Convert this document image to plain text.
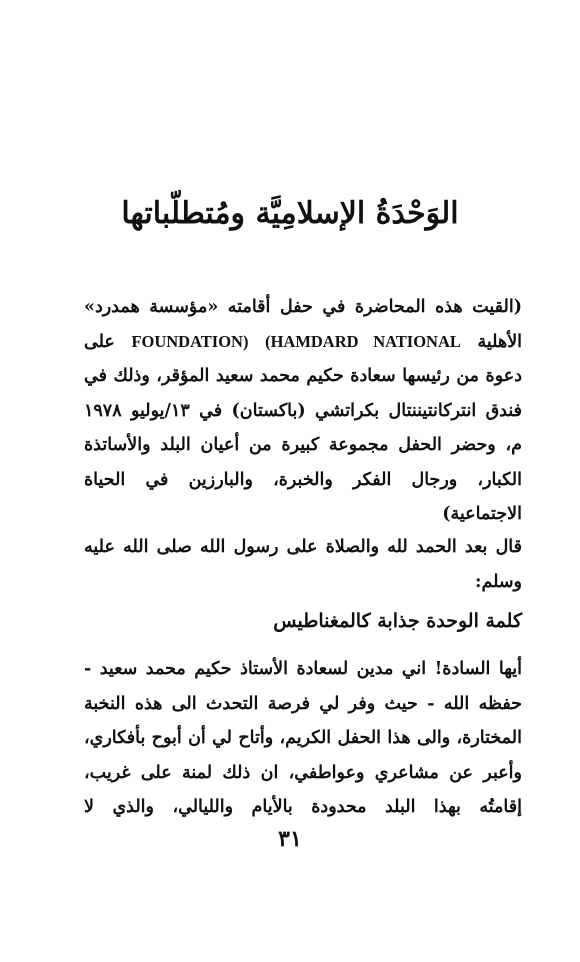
الوَحْدَةُ الإسلامِيَّة ومُتطلّباتها
(القيت هذه المحاضرة في حفل أقامته «مؤسسة همدرد» الأهلية (HAMDARD NATIONAL FOUNDATION) على دعوة من رئيسها سعادة حكيم محمد سعيد المؤقر، وذلك في فندق انتركانتيننتال بكراتشي (باكستان) في ١٣/يوليو ١٩٧٨ م، وحضر الحفل مجموعة كبيرة من أعيان البلد والأساتذة الكبار، ورجال الفكر والخبرة، والبارزين في الحياة الاجتماعية)
قال بعد الحمد لله والصلاة على رسول الله صلى الله عليه وسلم:
كلمة الوحدة جذابة كالمغناطيس
أيها السادة! اني مدين لسعادة الأستاذ حكيم محمد سعيد - حفظه الله - حيث وفر لي فرصة التحدث الى هذه النخبة المختارة، والى هذا الحفل الكريم، وأتاح لي أن أبوح بأفكاري، وأعبر عن مشاعري وعواطفي، ان ذلك لمنة على غريب، إقامتُه بهذا البلد محدودة بالأيام والليالي، والذي لا
٣١
